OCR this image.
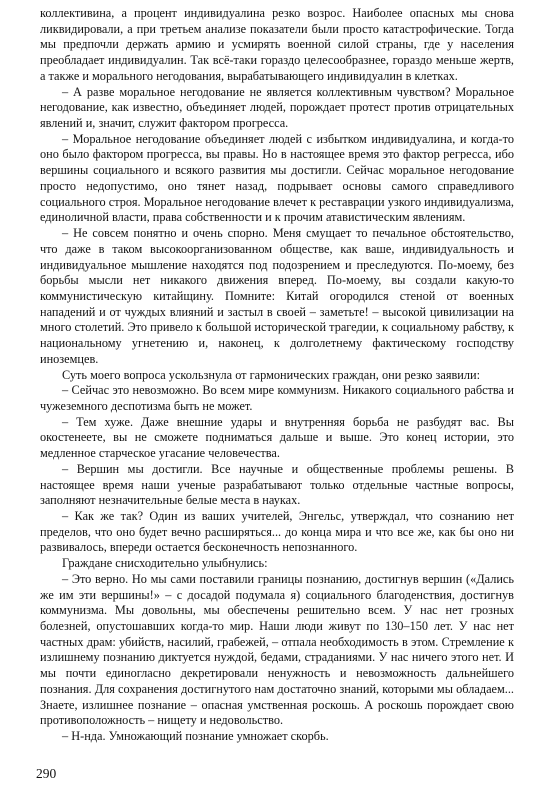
коллективина, а процент индивидуалина резко возрос. Наиболее опасных мы снова ликвидировали, а при третьем анализе показатели были просто катастрофические. Тогда мы предпочли держать армию и усмирять военной силой страны, где у населения преобладает индивидуалин. Так всё-таки гораздо целесообразнее, гораздо меньше жертв, а также и морального негодования, вырабатывающего индивидуалин в клетках.

– А разве моральное негодование не является коллективным чувством? Моральное негодование, как известно, объединяет людей, порождает протест против отрицательных явлений и, значит, служит фактором прогресса.

– Моральное негодование объединяет людей с избытком индивидуалина, и когда-то оно было фактором прогресса, вы правы. Но в настоящее время это фактор регресса, ибо вершины социального и всякого развития мы достигли. Сейчас моральное негодование просто недопустимо, оно тянет назад, подрывает основы самого справедливого социального строя. Моральное негодование влечет к реставрации узкого индивидуализма, единоличной власти, права собственности и к прочим атавистическим явлениям.

– Не совсем понятно и очень спорно. Меня смущает то печальное обстоятельство, что даже в таком высокоорганизованном обществе, как ваше, индивидуальность и индивидуальное мышление находятся под подозрением и преследуются. По-моему, без борьбы мысли нет никакого движения вперед. По-моему, вы создали какую-то коммунистическую китайщину. Помните: Китай огородился стеной от военных нападений и от чуждых влияний и застыл в своей – заметьте! – высокой цивилизации на много столетий. Это привело к большой исторической трагедии, к социальному рабству, к национальному угнетению и, наконец, к долголетнему фактическому господству иноземцев.

Суть моего вопроса ускользнула от гармонических граждан, они резко заявили:

– Сейчас это невозможно. Во всем мире коммунизм. Никакого социального рабства и чужеземного деспотизма быть не может.

– Тем хуже. Даже внешние удары и внутренняя борьба не разбудят вас. Вы окостенеете, вы не сможете подниматься дальше и выше. Это конец истории, это медленное старческое угасание человечества.

– Вершин мы достигли. Все научные и общественные проблемы решены. В настоящее время наши ученые разрабатывают только отдельные частные вопросы, заполняют незначительные белые места в науках.

– Как же так? Один из ваших учителей, Энгельс, утверждал, что сознанию нет пределов, что оно будет вечно расширяться... до конца мира и что все же, как бы оно ни развивалось, впереди остается бесконечность непознанного.

Граждане снисходительно улыбнулись:

– Это верно. Но мы сами поставили границы познанию, достигнув вершин («Дались же им эти вершины!» – с досадой подумала я) социального благоденствия, достигнув коммунизма. Мы довольны, мы обеспечены решительно всем. У нас нет грозных болезней, опустошавших когда-то мир. Наши люди живут по 130–150 лет. У нас нет частных драм: убийств, насилий, грабежей, – отпала необходимость в этом. Стремление к излишнему познанию диктуется нуждой, бедами, страданиями. У нас ничего этого нет. И мы почти единогласно декретировали ненужность и невозможность дальнейшего познания. Для сохранения достигнутого нам достаточно знаний, которыми мы обладаем... Знаете, излишнее познание – опасная умственная роскошь. А роскошь порождает свою противоположность – нищету и недовольство.

– Н-нда. Умножающий познание умножает скорбь.

290
